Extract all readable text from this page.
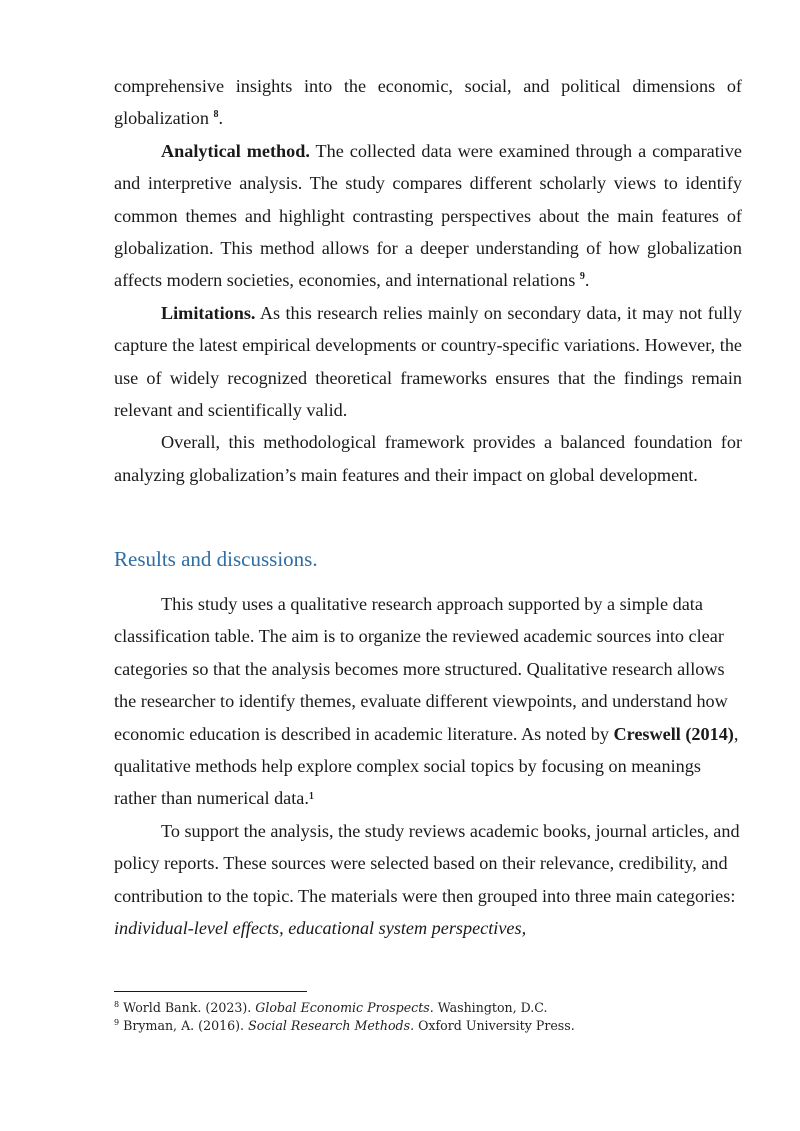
comprehensive insights into the economic, social, and political dimensions of globalization $^8$.

Analytical method. The collected data were examined through a comparative and interpretive analysis. The study compares different scholarly views to identify common themes and highlight contrasting perspectives about the main features of globalization. This method allows for a deeper understanding of how globalization affects modern societies, economies, and international relations $^9$.

Limitations. As this research relies mainly on secondary data, it may not fully capture the latest empirical developments or country-specific variations. However, the use of widely recognized theoretical frameworks ensures that the findings remain relevant and scientifically valid.

Overall, this methodological framework provides a balanced foundation for analyzing globalization’s main features and their impact on global development.

Results and discussions.

This study uses a qualitative research approach supported by a simple data classification table. The aim is to organize the reviewed academic sources into clear categories so that the analysis becomes more structured. Qualitative research allows the researcher to identify themes, evaluate different viewpoints, and understand how economic education is described in academic literature. As noted by Creswell (2014), qualitative methods help explore complex social topics by focusing on meanings rather than numerical data.¹

To support the analysis, the study reviews academic books, journal articles, and policy reports. These sources were selected based on their relevance, credibility, and contribution to the topic. The materials were then grouped into three main categories: individual-level effects, educational system perspectives,

$^8$ World Bank. (2023). Global Economic Prospects. Washington, D.C.

$^9$ Bryman, A. (2016). Social Research Methods. Oxford University Press.
